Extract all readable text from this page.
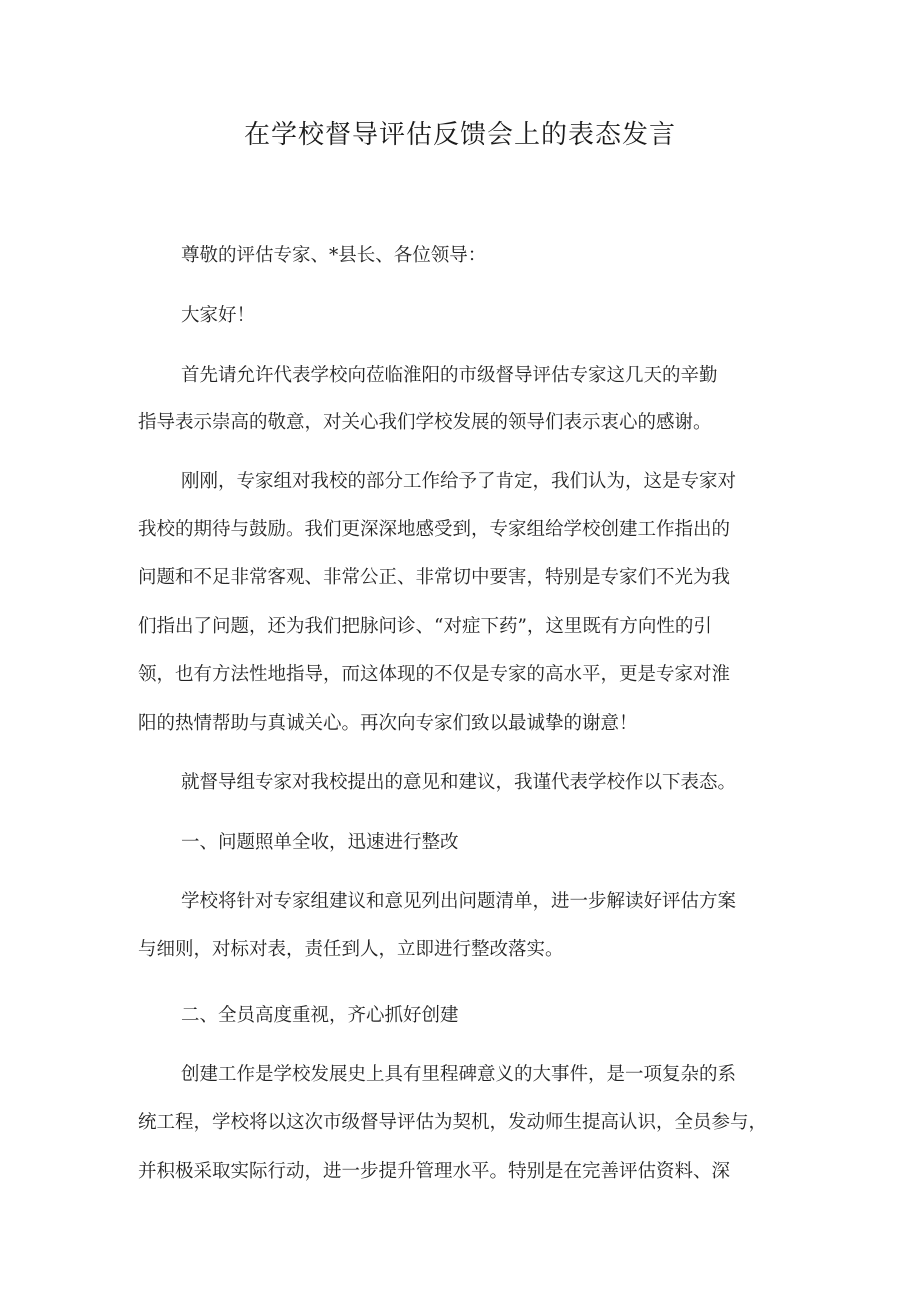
在学校督导评估反馈会上的表态发言
尊敬的评估专家、*县长、各位领导：
大家好！
首先请允许代表学校向莅临淮阳的市级督导评估专家这几天的辛勤
指导表示崇高的敬意，对关心我们学校发展的领导们表示衷心的感谢。
刚刚，专家组对我校的部分工作给予了肯定，我们认为，这是专家对
我校的期待与鼓励。我们更深深地感受到，专家组给学校创建工作指出的
问题和不足非常客观、非常公正、非常切中要害，特别是专家们不光为我
们指出了问题，还为我们把脉问诊、“对症下药”，这里既有方向性的引
领，也有方法性地指导，而这体现的不仅是专家的高水平，更是专家对淮
阳的热情帮助与真诚关心。再次向专家们致以最诚挚的谢意！
就督导组专家对我校提出的意见和建议，我谨代表学校作以下表态。
一、问题照单全收，迅速进行整改
学校将针对专家组建议和意见列出问题清单，进一步解读好评估方案
与细则，对标对表，责任到人，立即进行整改落实。
二、全员高度重视，齐心抓好创建
创建工作是学校发展史上具有里程碑意义的大事件，是一项复杂的系
统工程，学校将以这次市级督导评估为契机，发动师生提高认识，全员参与，
并积极采取实际行动，进一步提升管理水平。特别是在完善评估资料、深
